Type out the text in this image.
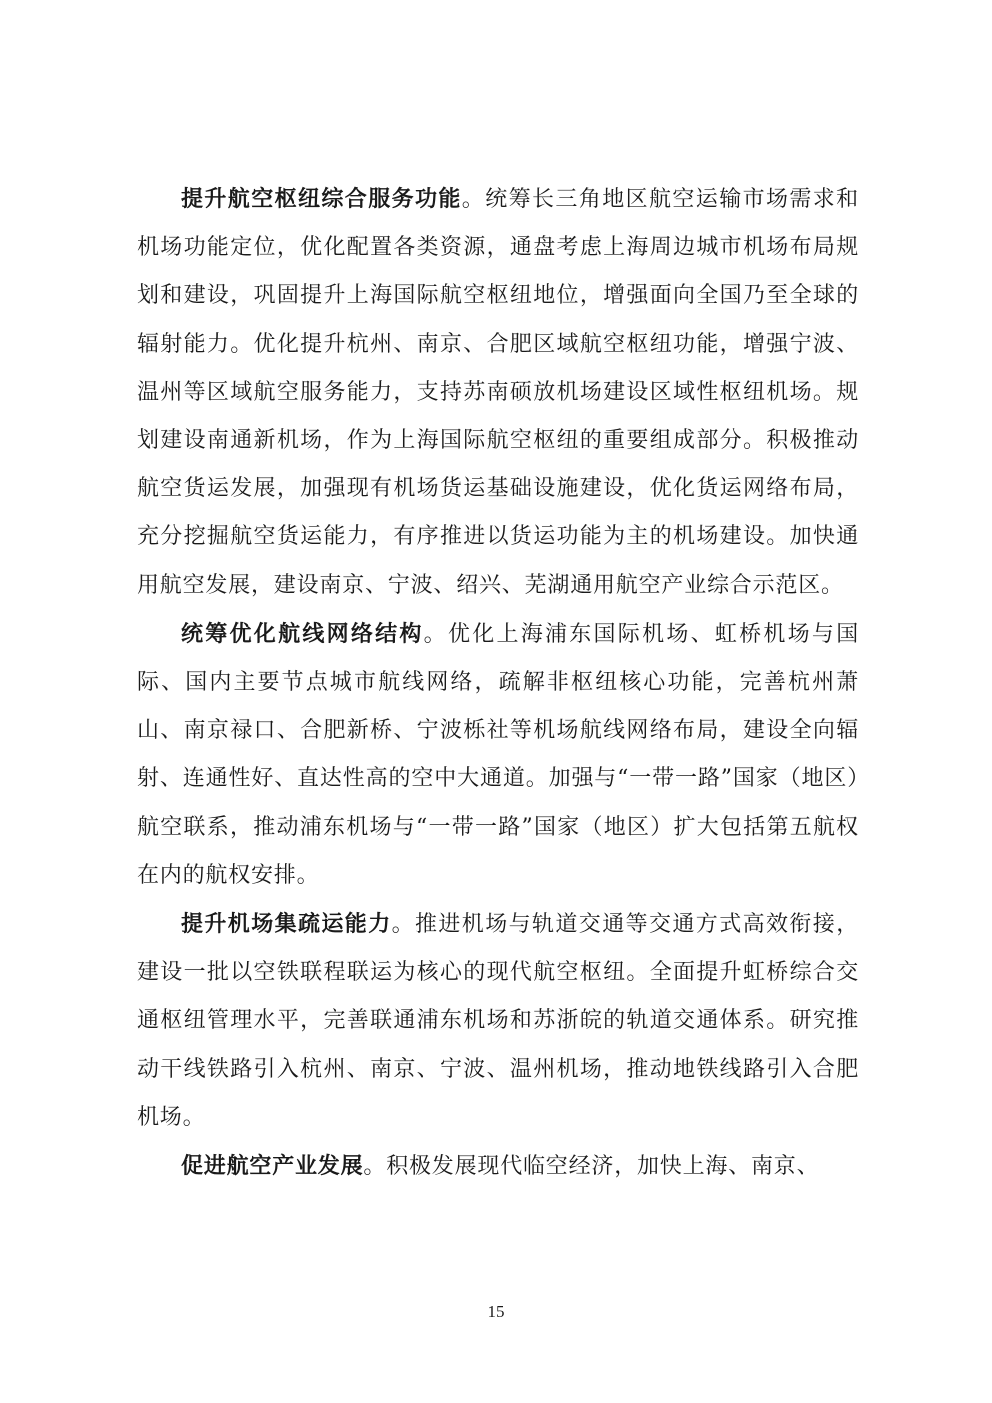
提升航空枢纽综合服务功能。统筹长三角地区航空运输市场需求和机场功能定位，优化配置各类资源，通盘考虑上海周边城市机场布局规划和建设，巩固提升上海国际航空枢纽地位，增强面向全国乃至全球的辐射能力。优化提升杭州、南京、合肥区域航空枢纽功能，增强宁波、温州等区域航空服务能力，支持苏南硕放机场建设区域性枢纽机场。规划建设南通新机场，作为上海国际航空枢纽的重要组成部分。积极推动航空货运发展，加强现有机场货运基础设施建设，优化货运网络布局，充分挖掘航空货运能力，有序推进以货运功能为主的机场建设。加快通用航空发展，建设南京、宁波、绍兴、芜湖通用航空产业综合示范区。

统筹优化航线网络结构。优化上海浦东国际机场、虹桥机场与国际、国内主要节点城市航线网络，疏解非枢纽核心功能，完善杭州萧山、南京禄口、合肥新桥、宁波栎社等机场航线网络布局，建设全向辐射、连通性好、直达性高的空中大通道。加强与“一带一路”国家（地区）航空联系，推动浦东机场与“一带一路”国家（地区）扩大包括第五航权在内的航权安排。

提升机场集疏运能力。推进机场与轨道交通等交通方式高效衔接，建设一批以空铁联程联运为核心的现代航空枢纽。全面提升虹桥综合交通枢纽管理水平，完善联通浦东机场和苏浙皖的轨道交通体系。研究推动干线铁路引入杭州、南京、宁波、温州机场，推动地铁线路引入合肥机场。

促进航空产业发展。积极发展现代临空经济，加快上海、南京、

15
